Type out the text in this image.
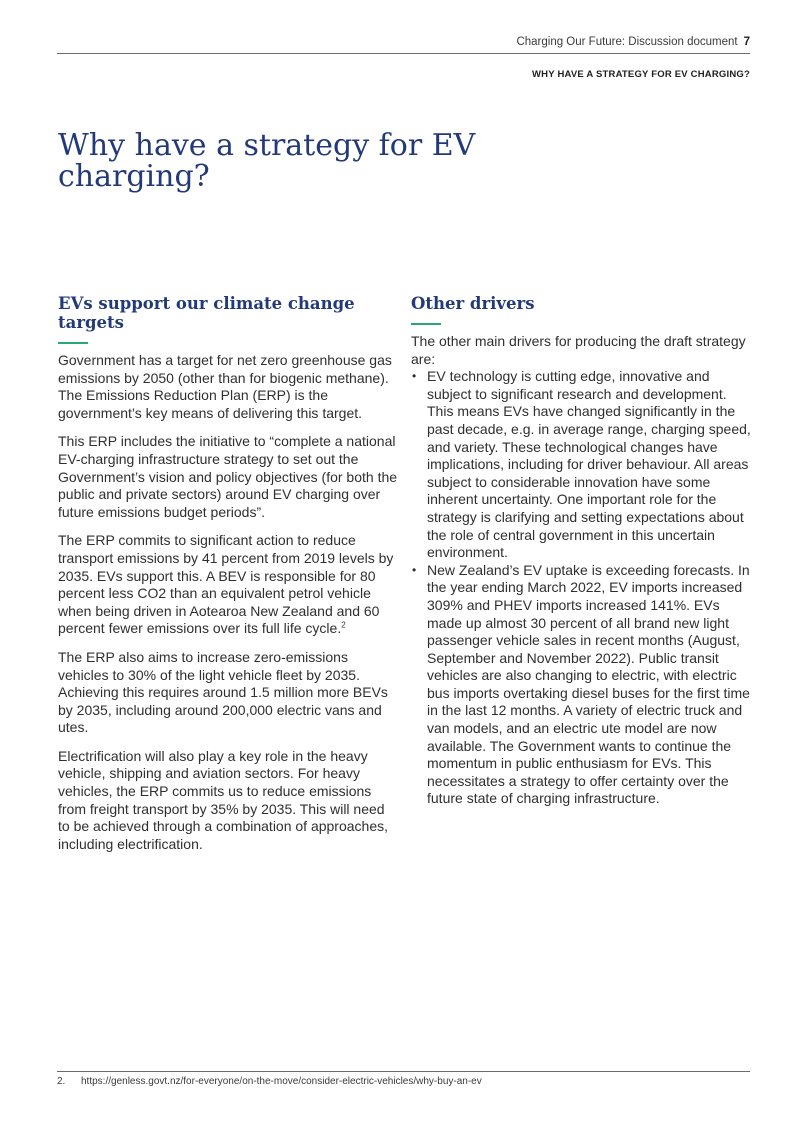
Charging Our Future: Discussion document 7
WHY HAVE A STRATEGY FOR EV CHARGING?
Why have a strategy for EV charging?
EVs support our climate change targets

Government has a target for net zero greenhouse gas emissions by 2050 (other than for biogenic methane). The Emissions Reduction Plan (ERP) is the government’s key means of delivering this target.

This ERP includes the initiative to “complete a national EV-charging infrastructure strategy to set out the Government’s vision and policy objectives (for both the public and private sectors) around EV charging over future emissions budget periods”.

The ERP commits to significant action to reduce transport emissions by 41 percent from 2019 levels by 2035. EVs support this. A BEV is responsible for 80 percent less CO2 than an equivalent petrol vehicle when being driven in Aotearoa New Zealand and 60 percent fewer emissions over its full life cycle.$^2$

The ERP also aims to increase zero-emissions vehicles to 30% of the light vehicle fleet by 2035. Achieving this requires around 1.5 million more BEVs by 2035, including around 200,000 electric vans and utes.

Electrification will also play a key role in the heavy vehicle, shipping and aviation sectors. For heavy vehicles, the ERP commits us to reduce emissions from freight transport by 35% by 2035. This will need to be achieved through a combination of approaches, including electrification.

Other drivers

The other main drivers for producing the draft strategy are:

• EV technology is cutting edge, innovative and subject to significant research and development. This means EVs have changed significantly in the past decade, e.g. in average range, charging speed, and variety. These technological changes have implications, including for driver behaviour. All areas subject to considerable innovation have some inherent uncertainty. One important role for the strategy is clarifying and setting expectations about the role of central government in this uncertain environment.
• New Zealand’s EV uptake is exceeding forecasts. In the year ending March 2022, EV imports increased 309% and PHEV imports increased 141%. EVs made up almost 30 percent of all brand new light passenger vehicle sales in recent months (August, September and November 2022). Public transit vehicles are also changing to electric, with electric bus imports overtaking diesel buses for the first time in the last 12 months. A variety of electric truck and van models, and an electric ute model are now available. The Government wants to continue the momentum in public enthusiasm for EVs. This necessitates a strategy to offer certainty over the future state of charging infrastructure.
2. https://genless.govt.nz/for-everyone/on-the-move/consider-electric-vehicles/why-buy-an-ev
